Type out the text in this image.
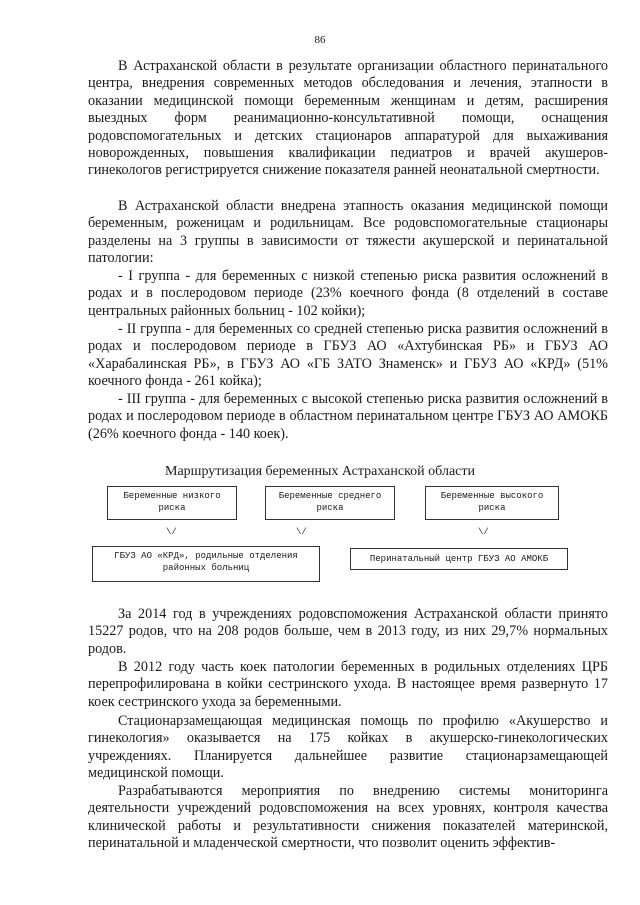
86

В Астраханской области в результате организации областного перинатального центра, внедрения современных методов обследования и лечения, этапности в оказании медицинской помощи беременным женщинам и детям, расширения выездных форм реанимационно-консультативной помощи, оснащения родовспомогательных и детских стационаров аппаратурой для выхаживания новорожденных, повышения квалификации педиатров и врачей акушеров-гинекологов регистрируется снижение показателя ранней неонатальной смертности.

В Астраханской области внедрена этапность оказания медицинской помощи беременным, роженицам и родильницам. Все родовспомогательные стационары разделены на 3 группы в зависимости от тяжести акушерской и перинатальной патологии:

- I группа - для беременных с низкой степенью риска развития осложнений в родах и в послеродовом периоде (23% коечного фонда (8 отделений в составе центральных районных больниц - 102 койки);

- II группа - для беременных со средней степенью риска развития осложнений в родах и послеродовом периоде в ГБУЗ АО «Ахтубинская РБ» и ГБУЗ АО «Харабалинская РБ», в ГБУЗ АО «ГБ ЗАТО Знаменск» и ГБУЗ АО «КРД» (51% коечного фонда - 261 койка);

- III группа - для беременных с высокой степенью риска развития осложнений в родах и послеродовом периоде в областном перинатальном центре ГБУЗ АО АМОКБ (26% коечного фонда - 140 коек).

Маршрутизация беременных Астраханской области
Беременные низкого риска
Беременные среднего риска
Беременные высокого риска
\/	\/	\/
ГБУЗ АО «КРД», родильные отделения районных больниц
Перинатальный центр ГБУЗ АО АМОКБ

За 2014 год в учреждениях родовспоможения Астраханской области принято 15227 родов, что на 208 родов больше, чем в 2013 году, из них 29,7% нормальных родов.

В 2012 году часть коек патологии беременных в родильных отделениях ЦРБ перепрофилирована в койки сестринского ухода. В настоящее время развернуто 17 коек сестринского ухода за беременными.

Стационарзамещающая медицинская помощь по профилю «Акушерство и гинекология» оказывается на 175 койках в акушерско-гинекологических учреждениях. Планируется дальнейшее развитие стационарзамещающей медицинской помощи.

Разрабатываются мероприятия по внедрению системы мониторинга деятельности учреждений родовспоможения на всех уровнях, контроля качества клинической работы и результативности снижения показателей материнской, перинатальной и младенческой смертности, что позволит оценить эффектив-
